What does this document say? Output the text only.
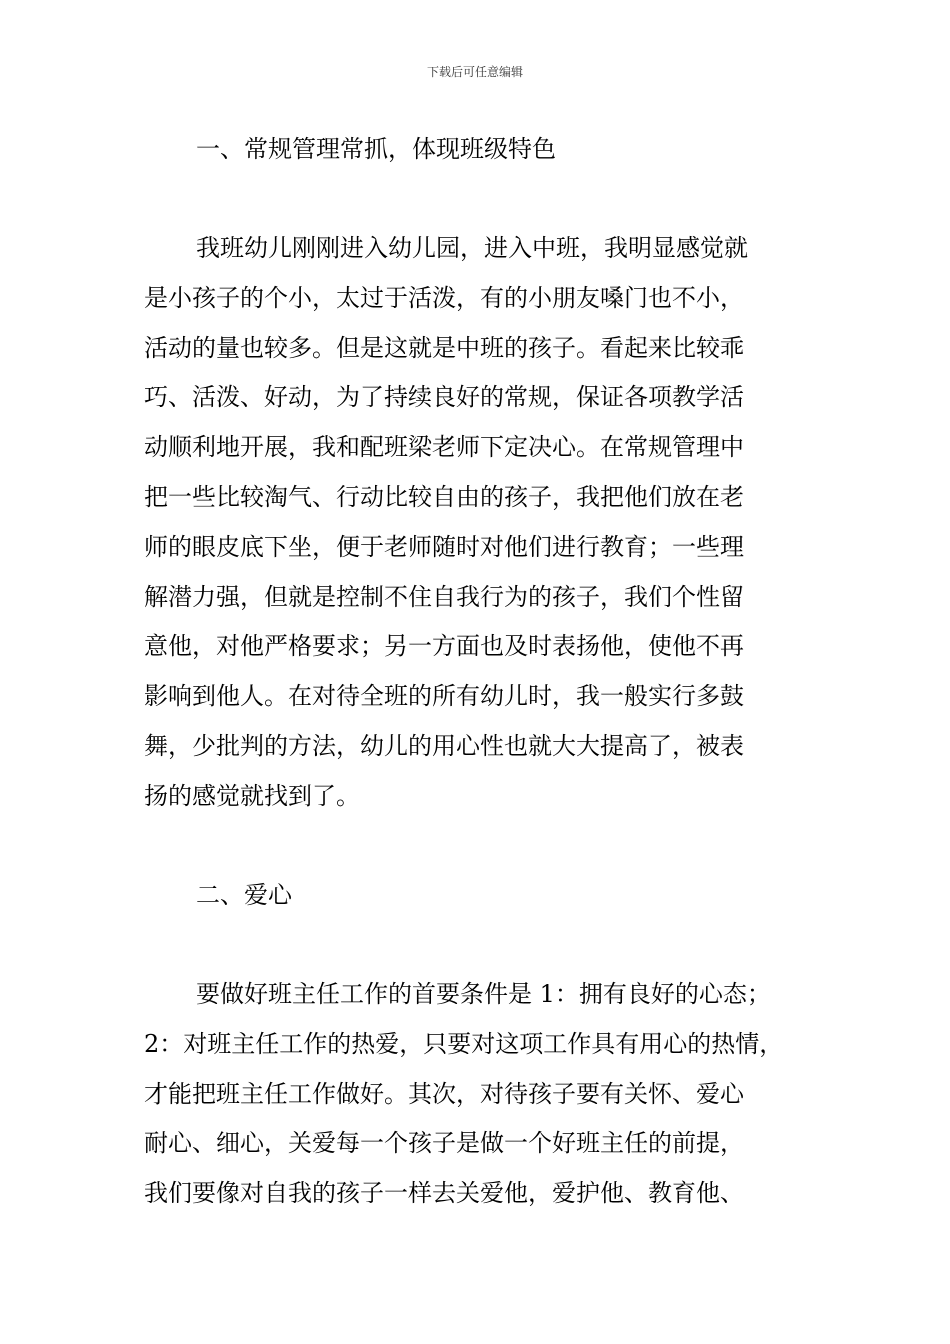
下载后可任意编辑
一、常规管理常抓，体现班级特色
我班幼儿刚刚进入幼儿园，进入中班，我明显感觉就
是小孩子的个小，太过于活泼，有的小朋友嗓门也不小，
活动的量也较多。但是这就是中班的孩子。看起来比较乖
巧、活泼、好动，为了持续良好的常规，保证各项教学活
动顺利地开展，我和配班梁老师下定决心。在常规管理中
把一些比较淘气、行动比较自由的孩子，我把他们放在老
师的眼皮底下坐，便于老师随时对他们进行教育；一些理
解潜力强，但就是控制不住自我行为的孩子，我们个性留
意他，对他严格要求；另一方面也及时表扬他，使他不再
影响到他人。在对待全班的所有幼儿时，我一般实行多鼓
舞，少批判的方法，幼儿的用心性也就大大提高了，被表
扬的感觉就找到了。
二、爱心
要做好班主任工作的首要条件是 1：拥有良好的心态；
2：对班主任工作的热爱，只要对这项工作具有用心的热情，
才能把班主任工作做好。其次，对待孩子要有关怀、爱心
耐心、细心，关爱每一个孩子是做一个好班主任的前提，
我们要像对自我的孩子一样去关爱他，爱护他、教育他、
